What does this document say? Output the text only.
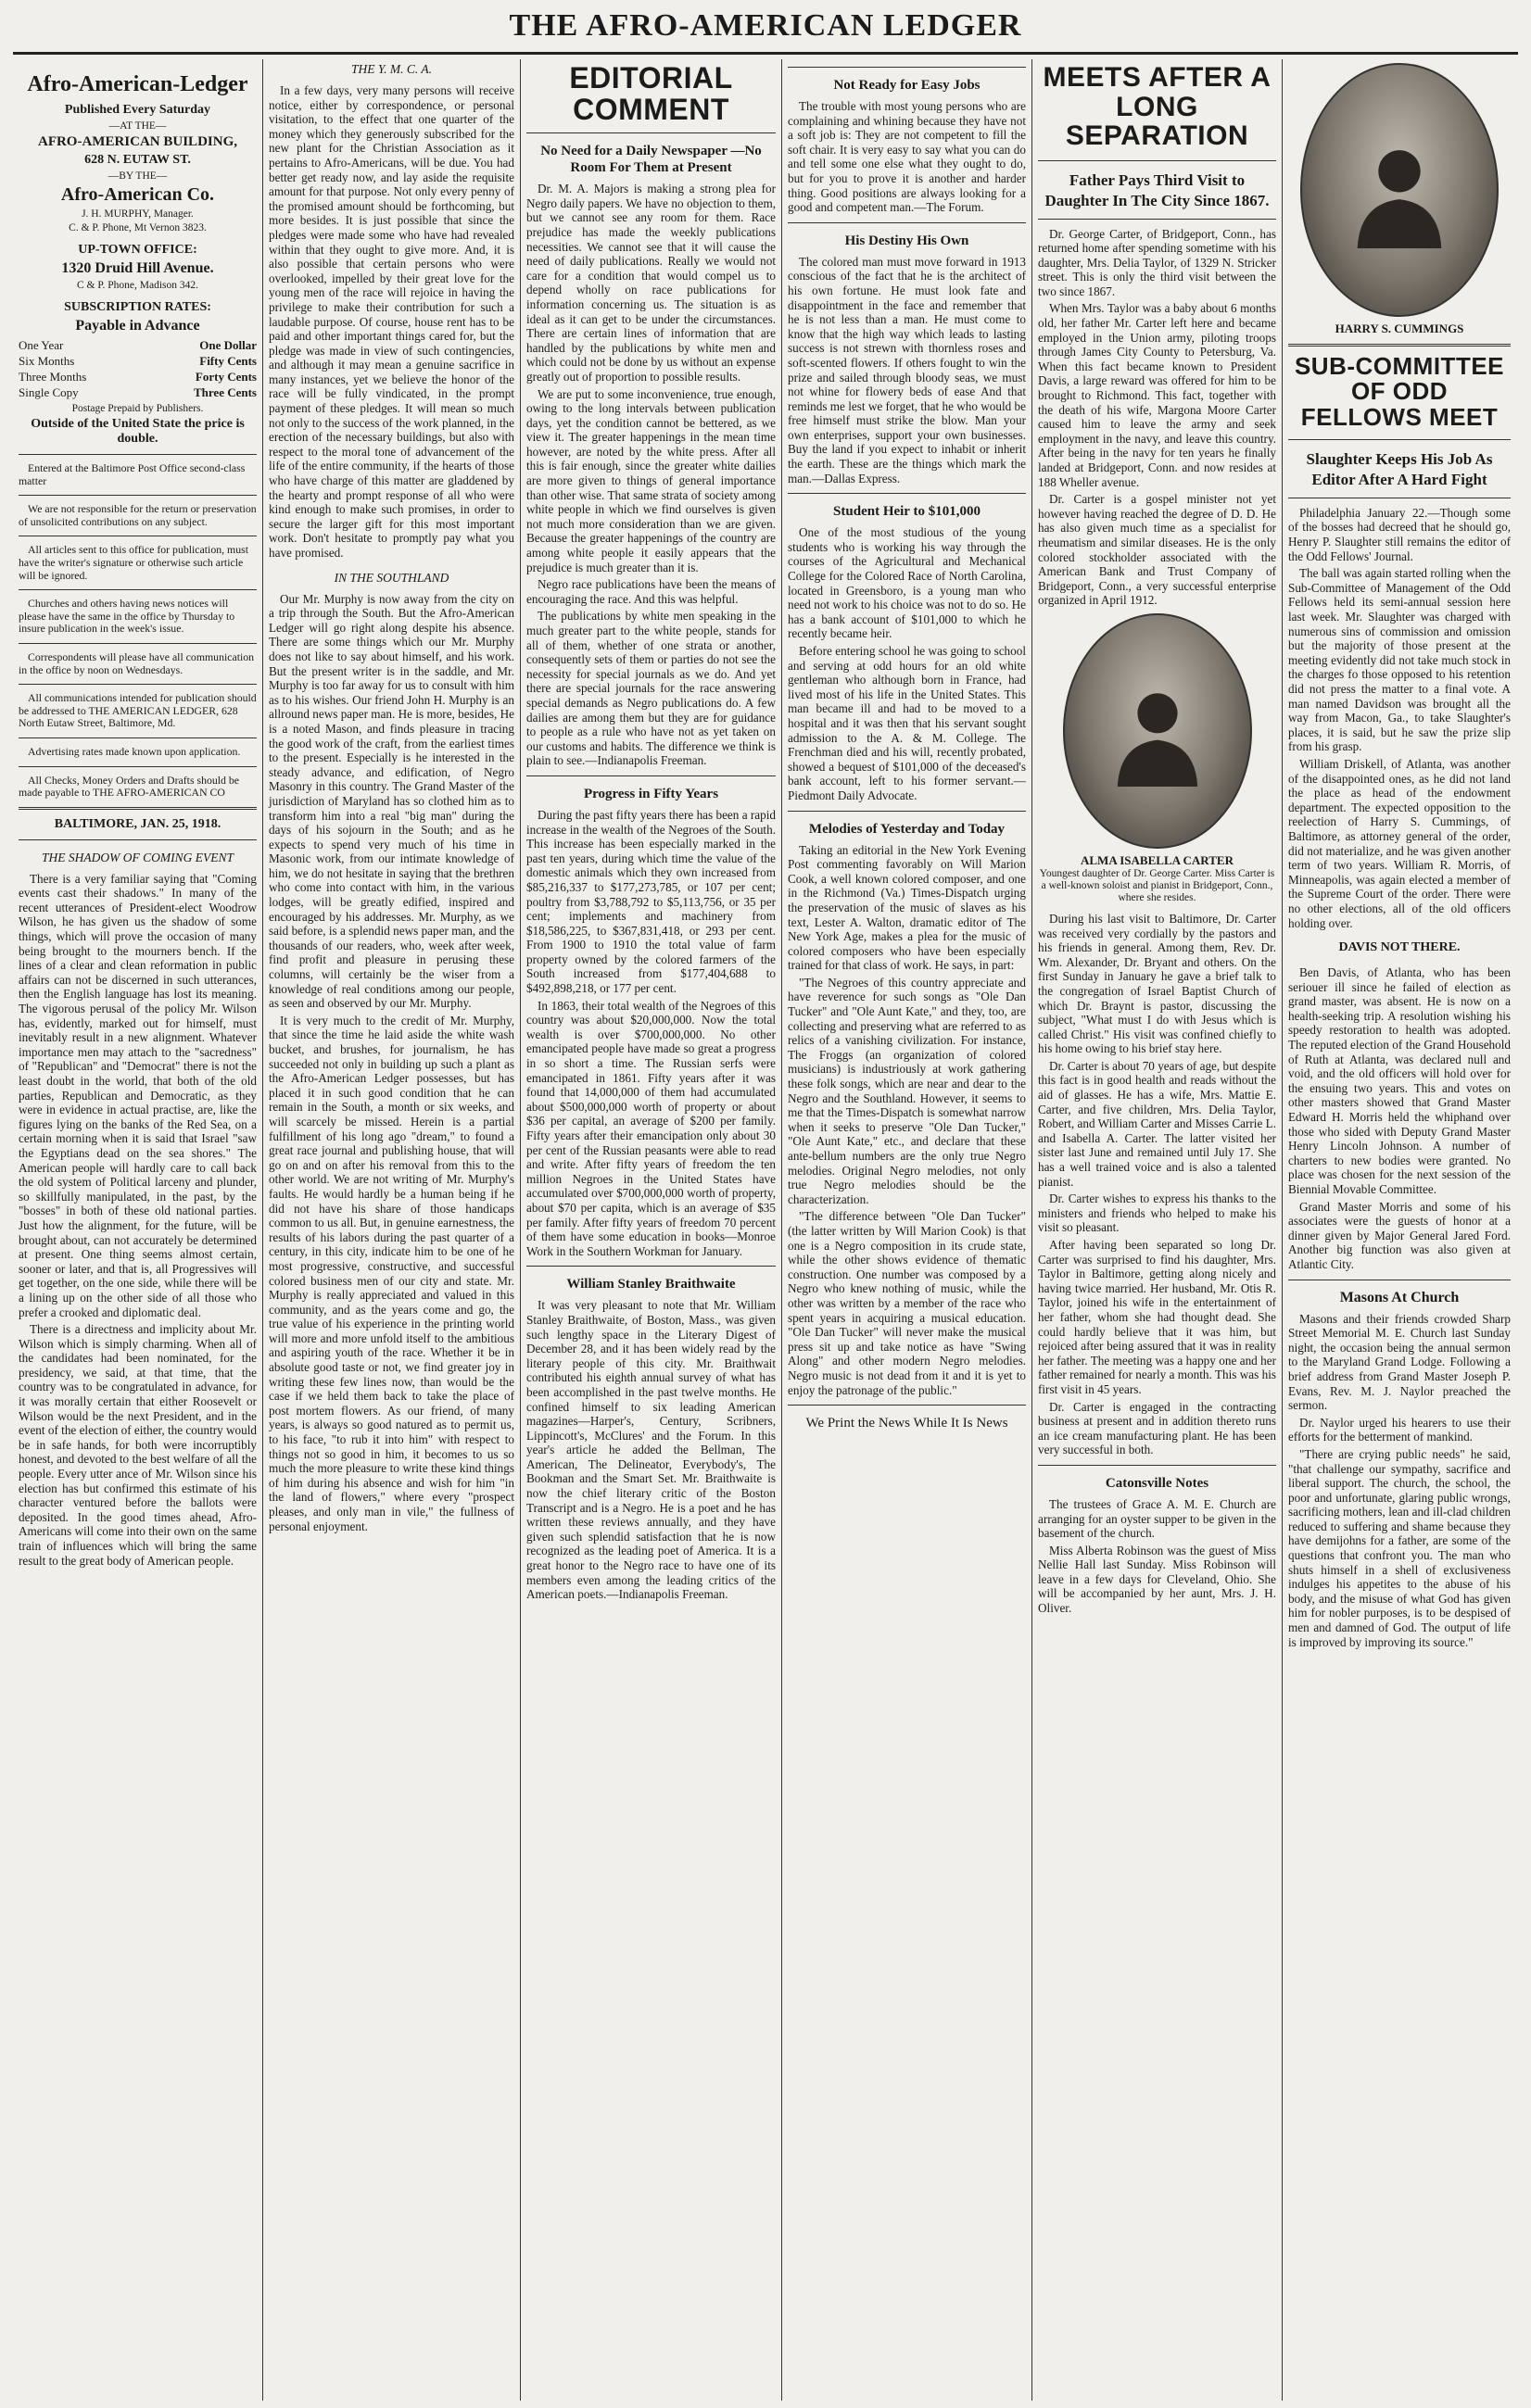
THE AFRO-AMERICAN LEDGER
Afro-American-Ledger
Published Every Saturday
—AT THE—
AFRO-AMERICAN BUILDING,
628 N. EUTAW ST.
—BY THE—
Afro-American Co.
J. H. MURPHY, Manager.
C. & P. Phone, Mt Vernon 3823.
UP-TOWN OFFICE:
1320 Druid Hill Avenue.
C & P. Phone, Madison 342.
SUBSCRIPTION RATES:
Payable in Advance
One Year	One Dollar
Six Months	Fifty Cents
Three Months	Forty Cents
Single Copy	Three Cents
Postage Prepaid by Publishers.
Outside of the United State the price is double.
Entered at the Baltimore Post Office second-class matter
We are not responsible for the return or preservation of unsolicited contributions on any subject.
All articles sent to this office for publication, must have the writer's signature or otherwise such article will be ignored.
Churches and others having news notices will please have the same in the office by Thursday to insure publication in the week's issue.
Correspondents will please have all communication in the office by noon on Wednesdays.
All communications intended for publication should be addressed to THE AMERICAN LEDGER, 628 North Eutaw Street, Baltimore, Md.
Advertising rates made known upon application.
All Checks, Money Orders and Drafts should be made payable to THE AFRO-AMERICAN CO
BALTIMORE, JAN. 25, 1918.
THE SHADOW OF COMING EVENT

There is a very familiar saying that "Coming events cast their shadows." In many of the recent utterances of President-elect Woodrow Wilson, he has given us the shadow of some things, which will prove the occasion of many being brought to the mourners bench. If the lines of a clear and clean reformation in public affairs can not be discerned in such utterances, then the English language has lost its meaning. The vigorous perusal of the policy Mr. Wilson has, evidently, marked out for himself, must inevitably result in a new alignment. Whatever importance men may attach to the "sacredness" of "Republican" and "Democrat" there is not the least doubt in the world, that both of the old parties, Republican and Democratic, as they were in evidence in actual practise, are, like the figures lying on the banks of the Red Sea, on a certain morning when it is said that Israel "saw the Egyptians dead on the sea shores." The American people will hardly care to call back the old system of Political larceny and plunder, so skillfully manipulated, in the past, by the "bosses" in both of these old national parties. Just how the alignment, for the future, will be brought about, can not accurately be determined at present. One thing seems almost certain, sooner or later, and that is, all Progressives will get together, on the one side, while there will be a lining up on the other side of all those who prefer a crooked and diplomatic deal.

There is a directness and implicity about Mr. Wilson which is simply charming. When all of the candidates had been nominated, for the presidency, we said, at that time, that the country was to be congratulated in advance, for it was morally certain that either Roosevelt or Wilson would be the next President, and in the event of the election of either, the country would be in safe hands, for both were incorruptibly honest, and devoted to the best welfare of all the people. Every utter ance of Mr. Wilson since his election has but confirmed this estimate of his character ventured before the ballots were deposited. In the good times ahead, Afro-Americans will come into their own on the same train of influences which will bring the same result to the great body of American people.

THE Y. M. C. A.

In a few days, very many persons will receive notice, either by correspondence, or personal visitation, to the effect that one quarter of the money which they generously subscribed for the new plant for the Christian Association as it pertains to Afro-Americans, will be due. You had better get ready now, and lay aside the requisite amount for that purpose. Not only every penny of the promised amount should be forthcoming, but more besides. It is just possible that since the pledges were made some who have had revealed within that they ought to give more. And, it is also possible that certain persons who were overlooked, impelled by their great love for the young men of the race will rejoice in having the privilege to make their contribution for such a laudable purpose. Of course, house rent has to be paid and other important things cared for, but the pledge was made in view of such contingencies, and although it may mean a genuine sacrifice in many instances, yet we believe the honor of the race will be fully vindicated, in the prompt payment of these pledges. It will mean so much not only to the success of the work planned, in the erection of the necessary buildings, but also with respect to the moral tone of advancement of the life of the entire community, if the hearts of those who have charge of this matter are gladdened by the hearty and prompt response of all who were kind enough to make such promises, in order to secure the larger gift for this most important work. Don't hesitate to promptly pay what you have promised.

IN THE SOUTHLAND

Our Mr. Murphy is now away from the city on a trip through the South. But the Afro-American Ledger will go right along despite his absence. There are some things which our Mr. Murphy does not like to say about himself, and his work. But the present writer is in the saddle, and Mr. Murphy is too far away for us to consult with him as to his wishes. Our friend John H. Murphy is an allround news paper man. He is more, besides, He is a noted Mason, and finds pleasure in tracing the good work of the craft, from the earliest times to the present. Especially is he interested in the steady advance, and edification, of Negro Masonry in this country. The Grand Master of the jurisdiction of Maryland has so clothed him as to transform him into a real "big man" during the days of his sojourn in the South; and as he expects to spend very much of his time in Masonic work, from our intimate knowledge of him, we do not hesitate in saying that the brethren who come into contact with him, in the various lodges, will be greatly edified, inspired and encouraged by his addresses. Mr. Murphy, as we said before, is a splendid news paper man, and the thousands of our readers, who, week after week, find profit and pleasure in perusing these columns, will certainly be the wiser from a knowledge of real conditions among our people, as seen and observed by our Mr. Murphy.

It is very much to the credit of Mr. Murphy, that since the time he laid aside the white wash bucket, and brushes, for journalism, he has succeeded not only in building up such a plant as the Afro-American Ledger possesses, but has placed it in such good condition that he can remain in the South, a month or six weeks, and will scarcely be missed. Herein is a partial fulfillment of his long ago "dream," to found a great race journal and publishing house, that will go on and on after his removal from this to the other world. We are not writing of Mr. Murphy's faults. He would hardly be a human being if he did not have his share of those handicaps common to us all. But, in genuine earnestness, the results of his labors during the past quarter of a century, in this city, indicate him to be one of he most progressive, constructive, and successful colored business men of our city and state. Mr. Murphy is really appreciated and valued in this community, and as the years come and go, the true value of his experience in the printing world will more and more unfold itself to the ambitious and aspiring youth of the race. Whether it be in absolute good taste or not, we find greater joy in writing these few lines now, than would be the case if we held them back to take the place of post mortem flowers. As our friend, of many years, is always so good natured as to permit us, to his face, "to rub it into him" with respect to things not so good in him, it becomes to us so much the more pleasure to write these kind things of him during his absence and wish for him "in the land of flowers," where every "prospect pleases, and only man in vile," the fullness of personal enjoyment.

EDITORIAL COMMENT
No Need for a Daily Newspaper —No Room For Them at Present

Dr. M. A. Majors is making a strong plea for Negro daily papers. We have no objection to them, but we cannot see any room for them. Race prejudice has made the weekly publications necessities. We cannot see that it will cause the need of daily publications. Really we would not care for a condition that would compel us to depend wholly on race publications for information concerning us. The situation is as ideal as it can get to be under the circumstances. There are certain lines of information that are handled by the publications by white men and which could not be done by us without an expense greatly out of proportion to possible results.

We are put to some inconvenience, true enough, owing to the long intervals between publication days, yet the condition cannot be bettered, as we view it. The greater happenings in the mean time however, are noted by the white press. After all this is fair enough, since the greater white dailies are more given to things of general importance than other wise. That same strata of society among white people in which we find ourselves is given not much more consideration than we are given. Because the greater happenings of the country are among white people it easily appears that the prejudice is much greater than it is.

Negro race publications have been the means of encouraging the race. And this was helpful.

The publications by white men speaking in the much greater part to the white people, stands for all of them, whether of one strata or another, consequently sets of them or parties do not see the necessity for special journals as we do. And yet there are special journals for the race answering special demands as Negro publications do. A few dailies are among them but they are for guidance to people as a rule who have not as yet taken on our customs and habits. The difference we think is plain to see.—Indianapolis Freeman.

Progress in Fifty Years

During the past fifty years there has been a rapid increase in the wealth of the Negroes of the South. This increase has been especially marked in the past ten years, during which time the value of the domestic animals which they own increased from $85,216,337 to $177,273,785, or 107 per cent; poultry from $3,788,792 to $5,113,756, or 35 per cent; implements and machinery from $18,586,225, to $367,831,418, or 293 per cent. From 1900 to 1910 the total value of farm property owned by the colored farmers of the South increased from $177,404,688 to $492,898,218, or 177 per cent.

In 1863, their total wealth of the Negroes of this country was about $20,000,000. Now the total wealth is over $700,000,000. No other emancipated people have made so great a progress in so short a time. The Russian serfs were emancipated in 1861. Fifty years after it was found that 14,000,000 of them had accumulated about $500,000,000 worth of property or about $36 per capital, an average of $200 per family. Fifty years after their emancipation only about 30 per cent of the Russian peasants were able to read and write. After fifty years of freedom the ten million Negroes in the United States have accumulated over $700,000,000 worth of property, about $70 per capita, which is an average of $35 per family. After fifty years of freedom 70 percent of them have some education in books—Monroe Work in the Southern Workman for January.

William Stanley Braithwaite

It was very pleasant to note that Mr. William Stanley Braithwaite, of Boston, Mass., was given such lengthy space in the Literary Digest of December 28, and it has been widely read by the literary people of this city. Mr. Braithwait contributed his eighth annual survey of what has been accomplished in the past twelve months. He confined himself to six leading American magazines—Harper's, Century, Scribners, Lippincott's, McClures' and the Forum. In this year's article he added the Bellman, The American, The Delineator, Everybody's, The Bookman and the Smart Set. Mr. Braithwaite is now the chief literary critic of the Boston Transcript and is a Negro. He is a poet and he has written these reviews annually, and they have given such splendid satisfaction that he is now recognized as the leading poet of America. It is a great honor to the Negro race to have one of its members even among the leading critics of the American poets.—Indianapolis Freeman.

Not Ready for Easy Jobs

The trouble with most young persons who are complaining and whining because they have not a soft job is: They are not competent to fill the soft chair. It is very easy to say what you can do and tell some one else what they ought to do, but for you to prove it is another and harder thing. Good positions are always looking for a good and competent man.—The Forum.

His Destiny His Own

The colored man must move forward in 1913 conscious of the fact that he is the architect of his own fortune. He must look fate and disappointment in the face and remember that he is not less than a man. He must come to know that the high way which leads to lasting success is not strewn with thornless roses and soft-scented flowers. If others fought to win the prize and sailed through bloody seas, we must not whine for flowery beds of ease And that reminds me lest we forget, that he who would be free himself must strike the blow. Man your own enterprises, support your own businesses. Buy the land if you expect to inhabit or inherit the earth. These are the things which mark the man.—Dallas Express.

Student Heir to $101,000

One of the most studious of the young students who is working his way through the courses of the Agricultural and Mechanical College for the Colored Race of North Carolina, located in Greensboro, is a young man who need not work to his choice was not to do so. He has a bank account of $101,000 to which he recently became heir.

Before entering school he was going to school and serving at odd hours for an old white gentleman who although born in France, had lived most of his life in the United States. This man became ill and had to be moved to a hospital and it was then that his servant sought admission to the A. & M. College. The Frenchman died and his will, recently probated, showed a bequest of $101,000 of the deceased's bank account, left to his former servant.—Piedmont Daily Advocate.

Melodies of Yesterday and Today

Taking an editorial in the New York Evening Post commenting favorably on Will Marion Cook, a well known colored composer, and one in the Richmond (Va.) Times-Dispatch urging the preservation of the music of slaves as his text, Lester A. Walton, dramatic editor of The New York Age, makes a plea for the music of colored composers who have been especially trained for that class of work. He says, in part:

"The Negroes of this country appreciate and have reverence for such songs as "Ole Dan Tucker" and "Ole Aunt Kate," and they, too, are collecting and preserving what are referred to as relics of a vanishing civilization. For instance, The Froggs (an organization of colored musicians) is industriously at work gathering these folk songs, which are near and dear to the Negro and the Southland. However, it seems to me that the Times-Dispatch is somewhat narrow when it seeks to preserve "Ole Dan Tucker," "Ole Aunt Kate," etc., and declare that these ante-bellum numbers are the only true Negro melodies. Original Negro melodies, not only true Negro melodies should be the characterization.

"The difference between "Ole Dan Tucker" (the latter written by Will Marion Cook) is that one is a Negro composition in its crude state, while the other shows evidence of thematic construction. One number was composed by a Negro who knew nothing of music, while the other was written by a member of the race who spent years in acquiring a musical education. "Ole Dan Tucker" will never make the musical press sit up and take notice as have "Swing Along" and other modern Negro melodies. Negro music is not dead from it and it is yet to enjoy the patronage of the public."

We Print the News While It Is News
MEETS AFTER A LONG SEPARATION
Father Pays Third Visit to Daughter In The City Since 1867.

Dr. George Carter, of Bridgeport, Conn., has returned home after spending sometime with his daughter, Mrs. Delia Taylor, of 1329 N. Stricker street. This is only the third visit between the two since 1867.

When Mrs. Taylor was a baby about 6 months old, her father Mr. Carter left here and became employed in the Union army, piloting troops through James City County to Petersburg, Va. When this fact became known to President Davis, a large reward was offered for him to be brought to Richmond. This fact, together with the death of his wife, Margona Moore Carter caused him to leave the army and seek employment in the navy, and leave this country. After being in the navy for ten years he finally landed at Bridgeport, Conn. and now resides at 188 Wheller avenue.

Dr. Carter is a gospel minister not yet however having reached the degree of D. D. He has also given much time as a specialist for rheumatism and similar diseases. He is the only colored stockholder associated with the American Bank and Trust Company of Bridgeport, Conn., a very successful enterprise organized in April 1912.

ALMA ISABELLA CARTER
Youngest daughter of Dr. George Carter. Miss Carter is a well-known soloist and pianist in Bridgeport, Conn., where she resides.

During his last visit to Baltimore, Dr. Carter was received very cordially by the pastors and his friends in general. Among them, Rev. Dr. Wm. Alexander, Dr. Bryant and others. On the first Sunday in January he gave a brief talk to the congregation of Israel Baptist Church of which Dr. Braynt is pastor, discussing the subject, "What must I do with Jesus which is called Christ." His visit was confined chiefly to his home owing to his brief stay here.

Dr. Carter is about 70 years of age, but despite this fact is in good health and reads without the aid of glasses. He has a wife, Mrs. Mattie E. Carter, and five children, Mrs. Delia Taylor, Robert, and William Carter and Misses Carrie L. and Isabella A. Carter. The latter visited her sister last June and remained until July 17. She has a well trained voice and is also a talented pianist.

Dr. Carter wishes to express his thanks to the ministers and friends who helped to make his visit so pleasant.

After having been separated so long Dr. Carter was surprised to find his daughter, Mrs. Taylor in Baltimore, getting along nicely and having twice married. Her husband, Mr. Otis R. Taylor, joined his wife in the entertainment of her father, whom she had thought dead. She could hardly believe that it was him, but rejoiced after being assured that it was in reality her father. The meeting was a happy one and her father remained for nearly a month. This was his first visit in 45 years.

Dr. Carter is engaged in the contracting business at present and in addition thereto runs an ice cream manufacturing plant. He has been very successful in both.

Catonsville Notes

The trustees of Grace A. M. E. Church are arranging for an oyster supper to be given in the basement of the church.

Miss Alberta Robinson was the guest of Miss Nellie Hall last Sunday. Miss Robinson will leave in a few days for Cleveland, Ohio. She will be accompanied by her aunt, Mrs. J. H. Oliver.

HARRY S. CUMMINGS
SUB-COMMITTEE OF ODD FELLOWS MEET
Slaughter Keeps His Job As Editor After A Hard Fight

Philadelphia January 22.—Though some of the bosses had decreed that he should go, Henry P. Slaughter still remains the editor of the Odd Fellows' Journal.

The ball was again started rolling when the Sub-Committee of Management of the Odd Fellows held its semi-annual session here last week. Mr. Slaughter was charged with numerous sins of commission and omission but the majority of those present at the meeting evidently did not take much stock in the charges fo those opposed to his retention did not press the matter to a final vote. A man named Davidson was brought all the way from Macon, Ga., to take Slaughter's places, it is said, but he saw the prize slip from his grasp.

William Driskell, of Atlanta, was another of the disappointed ones, as he did not land the place as head of the endowment department. The expected opposition to the reelection of Harry S. Cummings, of Baltimore, as attorney general of the order, did not materialize, and he was given another term of two years. William R. Morris, of Minneapolis, was again elected a member of the Supreme Court of the order. There were no other elections, all of the old officers holding over.

DAVIS NOT THERE.

Ben Davis, of Atlanta, who has been seriouer ill since he failed of election as grand master, was absent. He is now on a health-seeking trip. A resolution wishing his speedy restoration to health was adopted. The reputed election of the Grand Household of Ruth at Atlanta, was declared null and void, and the old officers will hold over for the ensuing two years. This and votes on other masters showed that Grand Master Edward H. Morris held the whiphand over those who sided with Deputy Grand Master Henry Lincoln Johnson. A number of charters to new bodies were granted. No place was chosen for the next session of the Biennial Movable Committee.

Grand Master Morris and some of his associates were the guests of honor at a dinner given by Major General Jared Ford. Another big function was also given at Atlantic City.

Masons At Church

Masons and their friends crowded Sharp Street Memorial M. E. Church last Sunday night, the occasion being the annual sermon to the Maryland Grand Lodge. Following a brief address from Grand Master Joseph P. Evans, Rev. M. J. Naylor preached the sermon.

Dr. Naylor urged his hearers to use their efforts for the betterment of mankind.

"There are crying public needs" he said, "that challenge our sympathy, sacrifice and liberal support. The church, the school, the poor and unfortunate, glaring public wrongs, sacrificing mothers, lean and ill-clad children reduced to suffering and shame because they have demijohns for a father, are some of the questions that confront you. The man who shuts himself in a shell of exclusiveness indulges his appetites to the abuse of his body, and the misuse of what God has given him for nobler purposes, is to be despised of men and damned of God. The output of life is improved by improving its source."
